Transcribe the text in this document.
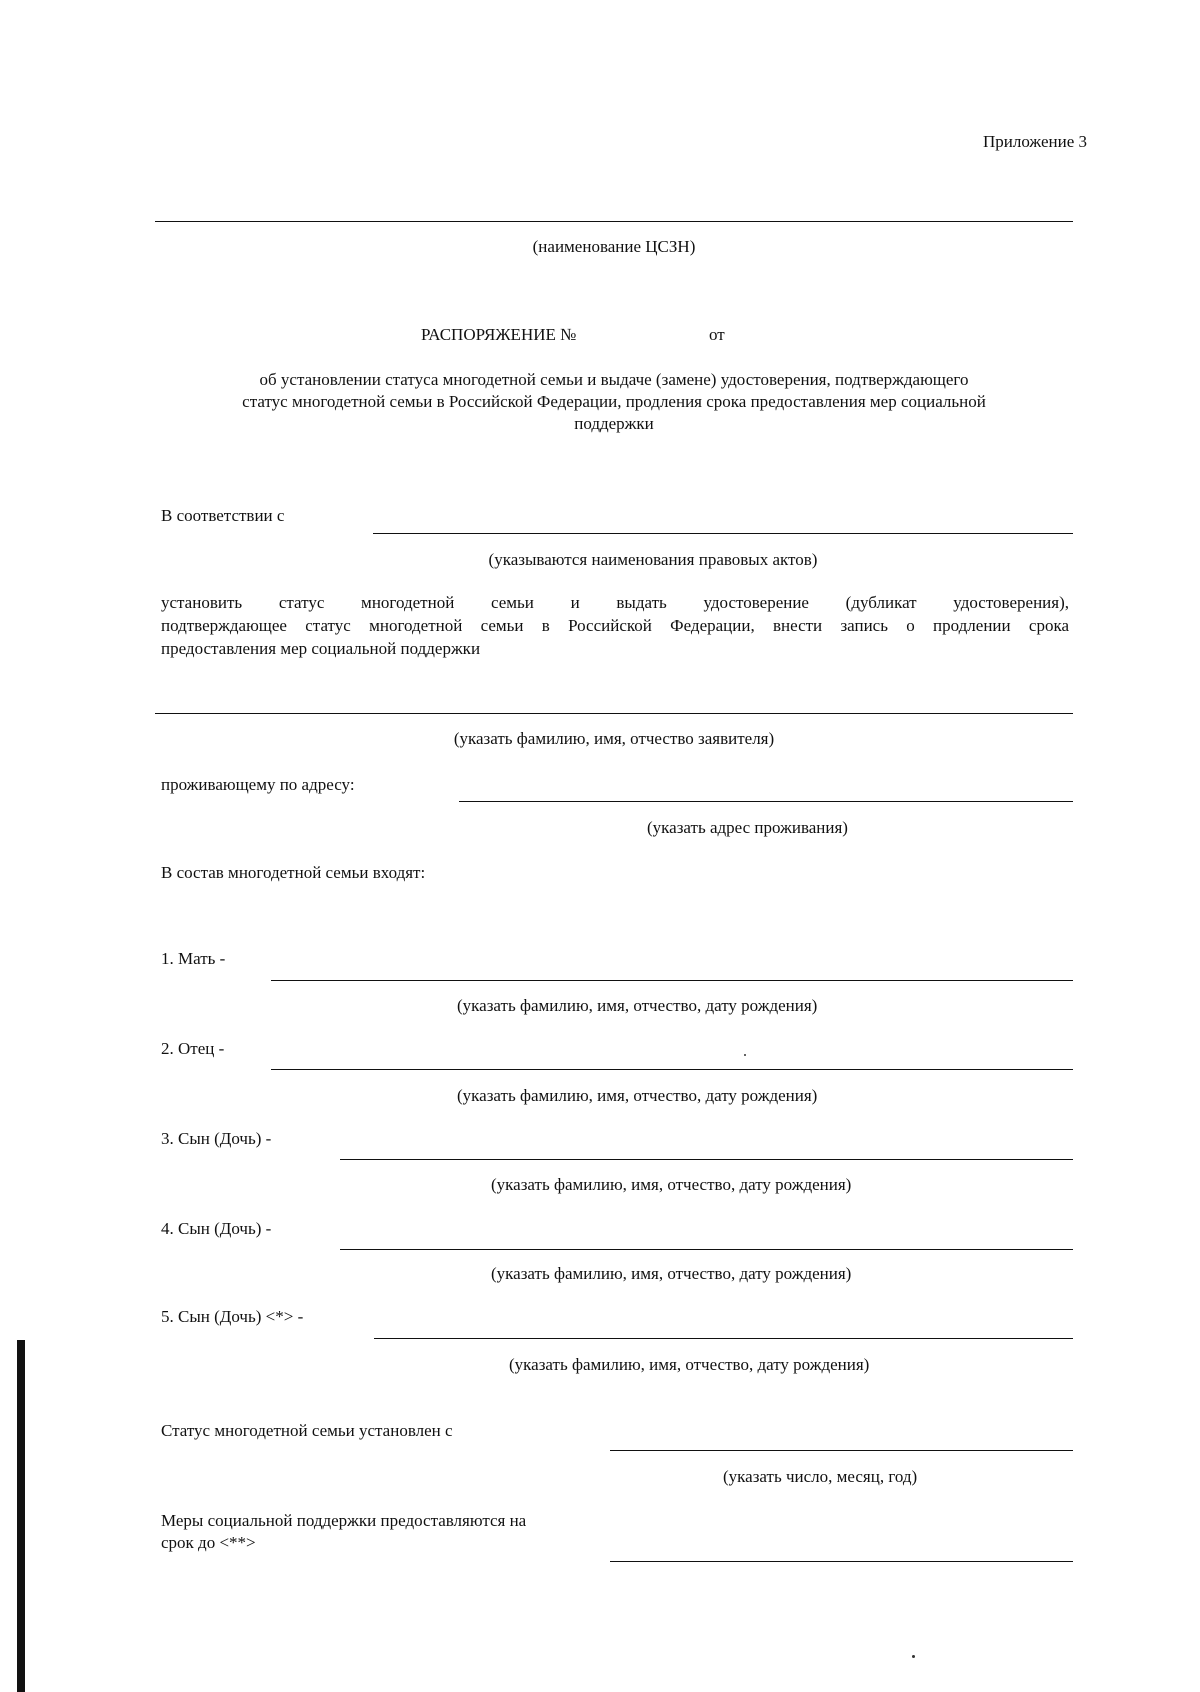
Приложение 3
(наименование ЦСЗН)
РАСПОРЯЖЕНИЕ №	от
об установлении статуса многодетной семьи и выдаче (замене) удостоверения, подтверждающего
статус многодетной семьи в Российской Федерации, продления срока предоставления мер социальной
поддержки
В соответствии с
(указываются наименования правовых актов)
установить статус многодетной семьи и выдать удостоверение (дубликат удостоверения),
подтверждающее статус многодетной семьи в Российской Федерации, внести запись о продлении срока
предоставления мер социальной поддержки
(указать фамилию, имя, отчество заявителя)
проживающему по адресу:
(указать адрес проживания)
В состав многодетной семьи входят:
1. Мать -
(указать фамилию, имя, отчество, дату рождения)
2. Отец -
(указать фамилию, имя, отчество, дату рождения)
3. Сын (Дочь) -
(указать фамилию, имя, отчество, дату рождения)
4. Сын (Дочь) -
(указать фамилию, имя, отчество, дату рождения)
5. Сын (Дочь) <*> -
(указать фамилию, имя, отчество, дату рождения)
Статус многодетной семьи установлен с
(указать число, месяц, год)
Меры социальной поддержки предоставляются на
срок до <**>
